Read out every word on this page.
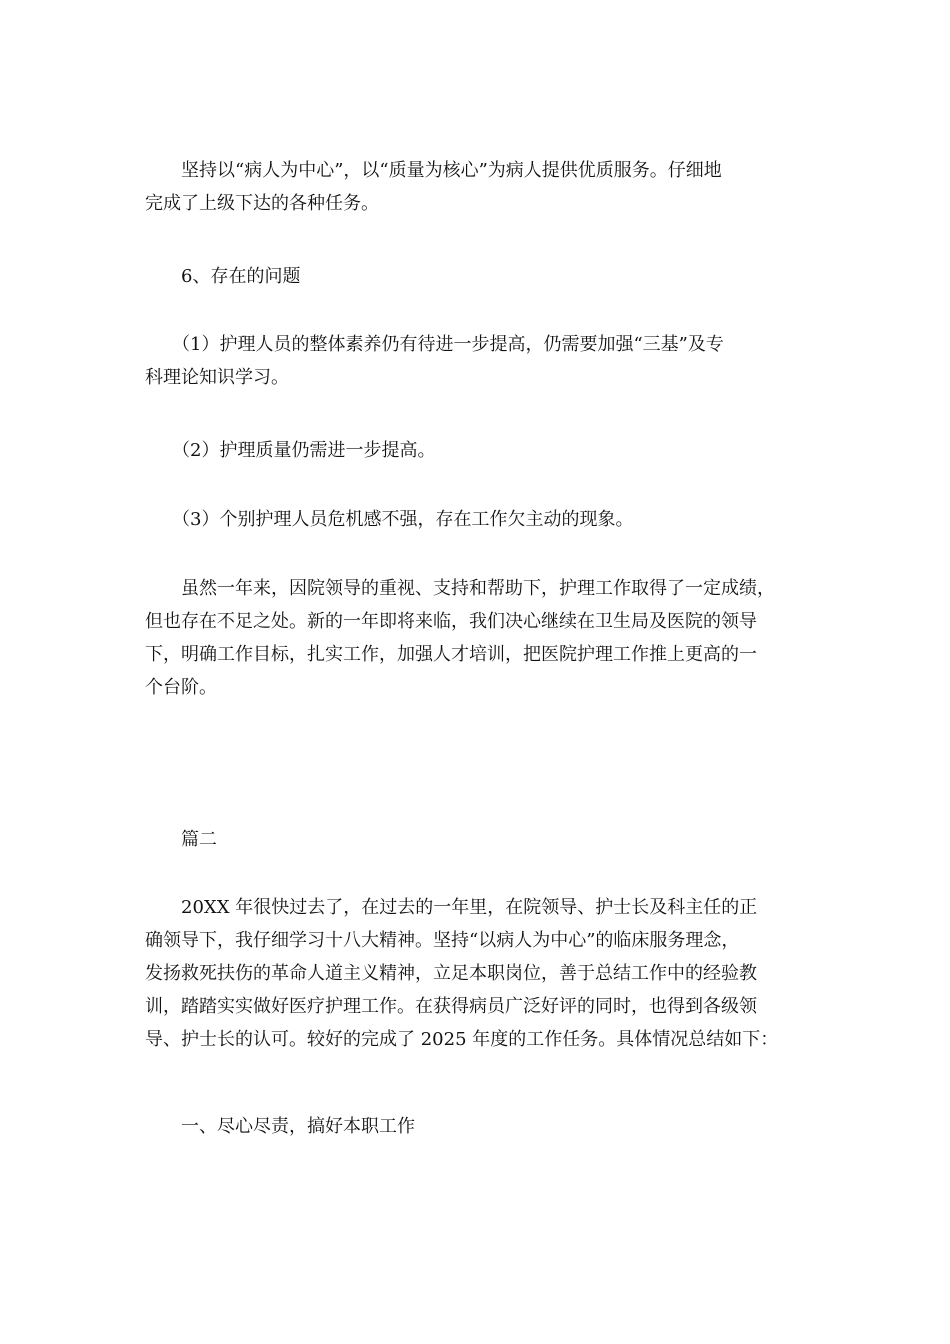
　　坚持以“病人为中心”，以“质量为核心”为病人提供优质服务。仔细地
完成了上级下达的各种任务。

　　6、存在的问题

　　（1）护理人员的整体素养仍有待进一步提高，仍需要加强“三基”及专
科理论知识学习。

　　（2）护理质量仍需进一步提高。

　　（3）个别护理人员危机感不强，存在工作欠主动的现象。

　　虽然一年来，因院领导的重视、支持和帮助下，护理工作取得了一定成绩，
但也存在不足之处。新的一年即将来临，我们决心继续在卫生局及医院的领导
下，明确工作目标，扎实工作，加强人才培训，把医院护理工作推上更高的一
个台阶。

　　篇二

　　20XX 年很快过去了，在过去的一年里，在院领导、护士长及科主任的正
确领导下，我仔细学习十八大精神。坚持“以病人为中心”的临床服务理念，
发扬救死扶伤的革命人道主义精神，立足本职岗位，善于总结工作中的经验教
训，踏踏实实做好医疗护理工作。在获得病员广泛好评的同时，也得到各级领
导、护士长的认可。较好的完成了 2025 年度的工作任务。具体情况总结如下：

　　一、尽心尽责，搞好本职工作
